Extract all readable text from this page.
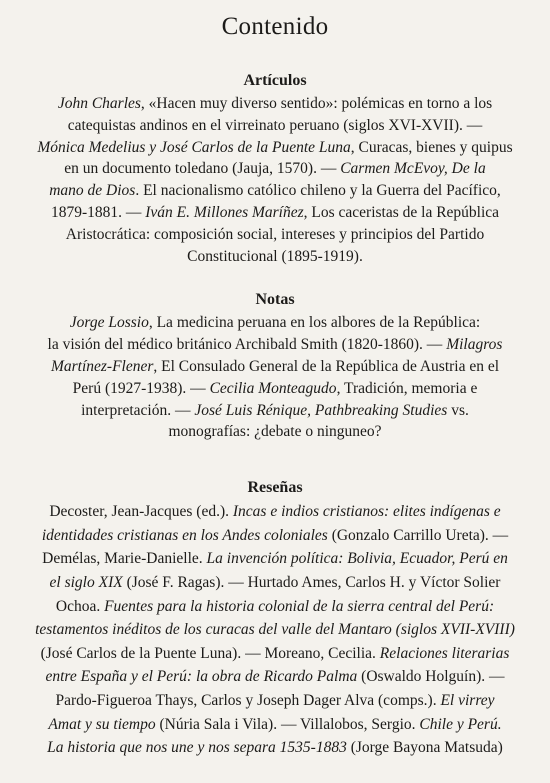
Contenido
Artículos

John Charles, «Hacen muy diverso sentido»: polémicas en torno a los
catequistas andinos en el virreinato peruano (siglos XVI-XVII). —
Mónica Medelius y José Carlos de la Puente Luna, Curacas, bienes y quipus
en un documento toledano (Jauja, 1570). — Carmen McEvoy, De la
mano de Dios. El nacionalismo católico chileno y la Guerra del Pacífico,
1879-1881. — Iván E. Millones Maríñez, Los caceristas de la República
Aristocrática: composición social, intereses y principios del Partido
Constitucional (1895-1919).

Notas

Jorge Lossio, La medicina peruana en los albores de la República:
la visión del médico británico Archibald Smith (1820-1860). — Milagros
Martínez-Flener, El Consulado General de la República de Austria en el
Perú (1927-1938). — Cecilia Monteagudo, Tradición, memoria e
interpretación. — José Luis Rénique, Pathbreaking Studies vs.
monografías: ¿debate o ninguneo?

Reseñas

Decoster, Jean-Jacques (ed.). Incas e indios cristianos: elites indígenas e
identidades cristianas en los Andes coloniales (Gonzalo Carrillo Ureta). —
Demélas, Marie-Danielle. La invención política: Bolivia, Ecuador, Perú en
el siglo XIX (José F. Ragas). — Hurtado Ames, Carlos H. y Víctor Solier
Ochoa. Fuentes para la historia colonial de la sierra central del Perú:
testamentos inéditos de los curacas del valle del Mantaro (siglos XVII-XVIII)
(José Carlos de la Puente Luna). — Moreano, Cecilia. Relaciones literarias
entre España y el Perú: la obra de Ricardo Palma (Oswaldo Holguín). —
Pardo-Figueroa Thays, Carlos y Joseph Dager Alva (comps.). El virrey
Amat y su tiempo (Núria Sala i Vila). — Villalobos, Sergio. Chile y Perú.
La historia que nos une y nos separa 1535-1883 (Jorge Bayona Matsuda)
